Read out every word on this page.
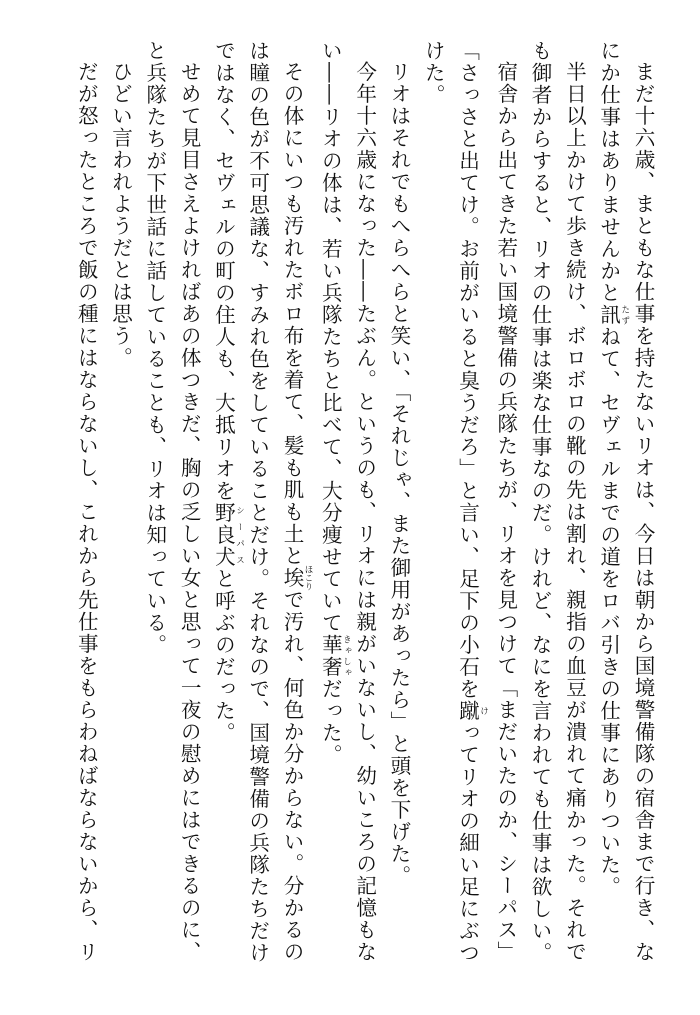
まだ十六歳、まともな仕事を持たないリオは、今日は朝から国境警備隊の宿舎まで行き、なにか仕事はありませんかと訊 たずねて、セヴェルまでの道をロバ引きの仕事にありついた。

半日以上かけて歩き続け、ボロボロの靴の先は割れ、親指の血豆が潰れて痛かった。それでも御者からすると、リオの仕事は楽な仕事なのだ。けれど、なにを言われても仕事は欲しい。

宿舎から出てきた若い国境警備の兵隊たちが、リオを見つけて「まだいたのか、シーパス」

「さっさと出てけ。お前がいると臭うだろ」と言い、足下の小石を蹴 けってリオの細い足にぶつけた。

リオはそれでもへらへらと笑い、「それじゃ、また御用があったら」と頭を下げた。

今年十六歳になった――たぶん。というのも、リオには親がいないし、幼いころの記憶もない――リオの体は、若い兵隊たちと比べて、大分痩せていて華奢 きゃしゃだった。

その体にいつも汚れたボロ布を着て、髪も肌も土と埃 ほこりで汚れ、何色か分からない。分かるのは瞳の色が不可思議な、すみれ色をしていることだけ。それなので、国境警備の兵隊たちだけではなく、セヴェルの町の住人も、大抵リオを野良犬 シーパスと呼ぶのだった。

せめて見目さえよければあの体つきだ、胸の乏しい女と思って一夜の慰めにはできるのに、と兵隊たちが下世話に話していることも、リオは知っている。

ひどい言われようだとは思う。

だが怒ったところで飯の種にはならないし、これから先仕事をもらわねばならないから、リ
